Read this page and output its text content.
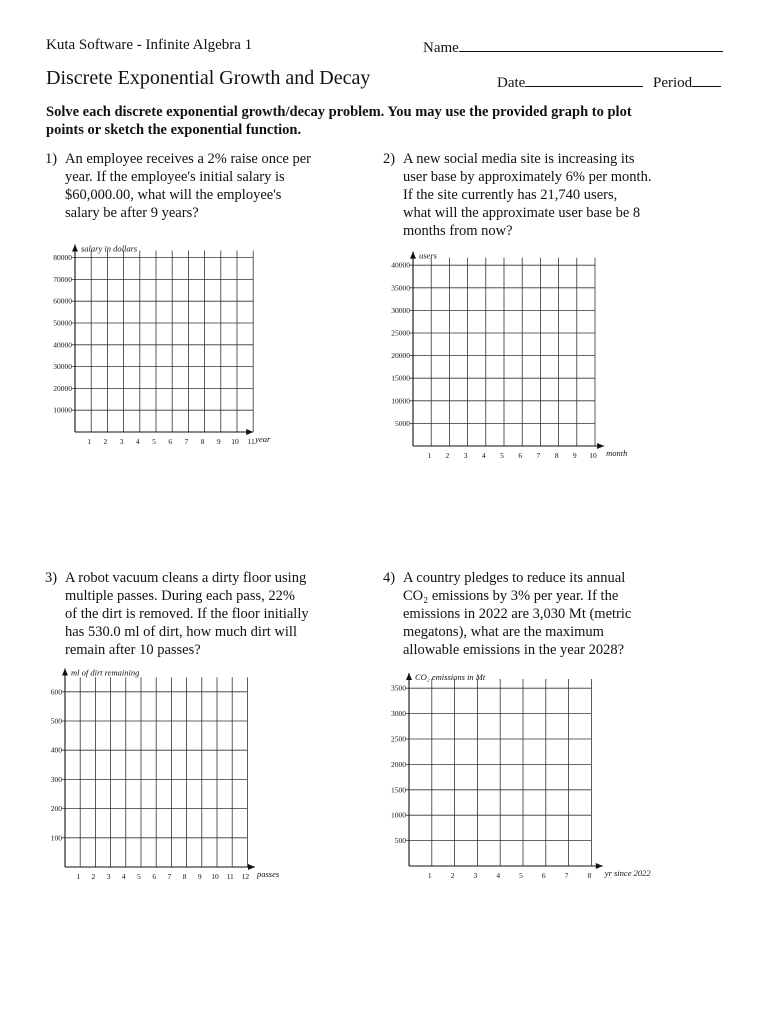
Kuta Software - Infinite Algebra 1	Name
Discrete Exponential Growth and Decay	Date	Period
Solve each discrete exponential growth/decay problem. You may use the provided graph to plot
points or sketch the exponential function.
1) An employee receives a 2% raise once per
year. If the employee's initial salary is
$60,000.00, what will the employee's
salary be after 9 years?
10000
20000
30000
40000
50000
60000
70000
80000
1 2 3 4 5 6 7 8 9 10 11
salary in dollars
year
2) A new social media site is increasing its
user base by approximately 6% per month.
If the site currently has 21,740 users,
what will the approximate user base be 8
months from now?
5000
10000
15000
20000
25000
30000
35000
40000
1 2 3 4 5 6 7 8 9 10
users
month
3) A robot vacuum cleans a dirty floor using
multiple passes. During each pass, 22%
of the dirt is removed. If the floor initially
has 530.0 ml of dirt, how much dirt will
remain after 10 passes?
100
200
300
400
500
600
1 2 3 4 5 6 7 8 9 10 11 12
ml of dirt remaining
passes
4) A country pledges to reduce its annual
CO₂ emissions by 3% per year. If the
emissions in 2022 are 3,030 Mt (metric
megatons), what are the maximum
allowable emissions in the year 2028?
500
1000
1500
2000
2500
3000
3500
1	2	3	4	5	6	7	8
CO₂ emissions in Mt
yr since 2022
